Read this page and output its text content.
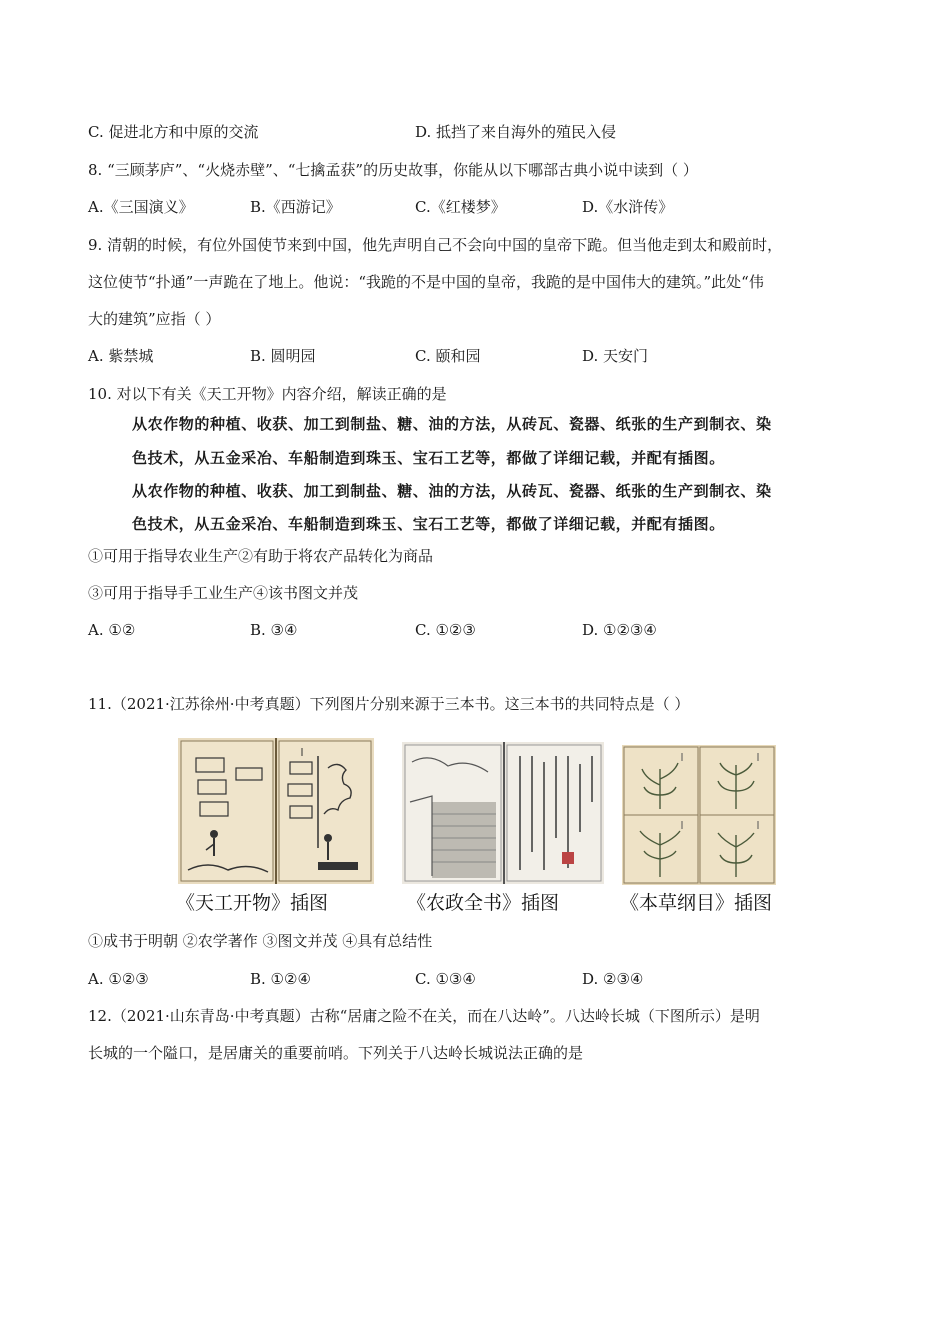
C. 促进北方和中原的交流	D. 抵挡了来自海外的殖民入侵
8. “三顾茅庐”、“火烧赤壁”、“七擒孟获”的历史故事，你能从以下哪部古典小说中读到（ ）
A.《三国演义》	B.《西游记》	C.《红楼梦》	D.《水浒传》
9. 清朝的时候，有位外国使节来到中国，他先声明自己不会向中国的皇帝下跪。但当他走到太和殿前时，
这位使节“扑通”一声跪在了地上。他说：“我跪的不是中国的皇帝，我跪的是中国伟大的建筑。”此处“伟
大的建筑”应指（ ）
A. 紫禁城	B. 圆明园	C. 颐和园	D. 天安门
10. 对以下有关《天工开物》内容介绍，解读正确的是
从农作物的种植、收获、加工到制盐、糖、油的方法，从砖瓦、瓷器、纸张的生产到制衣、染
色技术，从五金采冶、车船制造到珠玉、宝石工艺等，都做了详细记载，并配有插图。
从农作物的种植、收获、加工到制盐、糖、油的方法，从砖瓦、瓷器、纸张的生产到制衣、染
色技术，从五金采冶、车船制造到珠玉、宝石工艺等，都做了详细记载，并配有插图。
①可用于指导农业生产②有助于将农产品转化为商品
③可用于指导手工业生产④该书图文并茂
A. ①②	B. ③④	C. ①②③	D. ①②③④
11.（2021·江苏徐州·中考真题）下列图片分别来源于三本书。这三本书的共同特点是（ ）
《天工开物》插图	《农政全书》插图	《本草纲目》插图
①成书于明朝 ②农学著作 ③图文并茂 ④具有总结性
A. ①②③	B. ①②④	C. ①③④	D. ②③④
12.（2021·山东青岛·中考真题）古称“居庸之险不在关，而在八达岭”。八达岭长城（下图所示）是明
长城的一个隘口，是居庸关的重要前哨。下列关于八达岭长城说法正确的是
